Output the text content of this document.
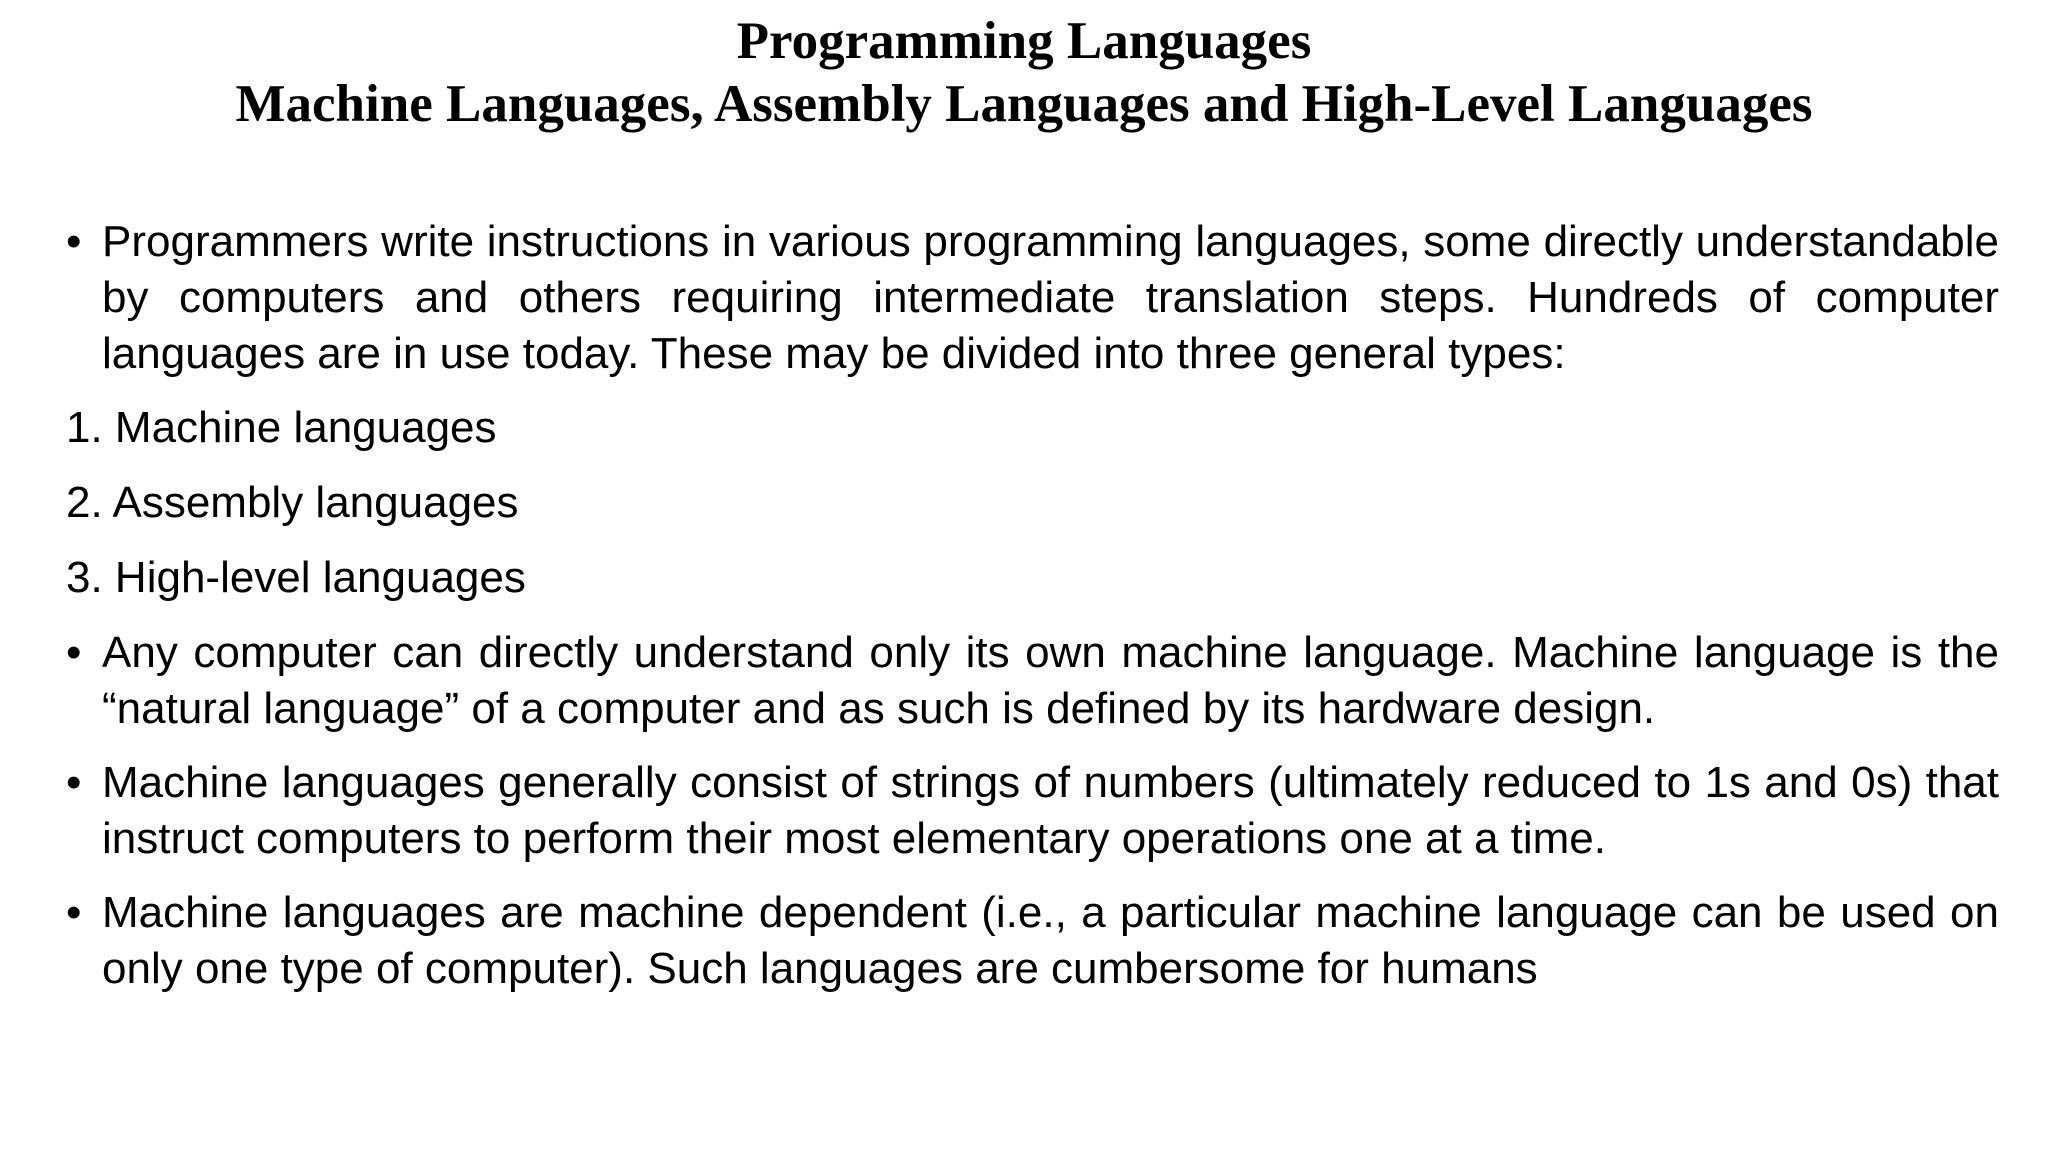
Programming Languages
Machine Languages, Assembly Languages and High-Level Languages
• Programmers write instructions in various programming languages, some directly understandable by computers and others requiring intermediate translation steps. Hundreds of computer languages are in use today. These may be divided into three general types:
1. Machine languages
2. Assembly languages
3. High-level languages
• Any computer can directly understand only its own machine language. Machine language is the “natural language” of a computer and as such is defined by its hardware design.
• Machine languages generally consist of strings of numbers (ultimately reduced to 1s and 0s) that instruct computers to perform their most elementary operations one at a time.
• Machine languages are machine dependent (i.e., a particular machine language can be used on only one type of computer). Such languages are cumbersome for humans
